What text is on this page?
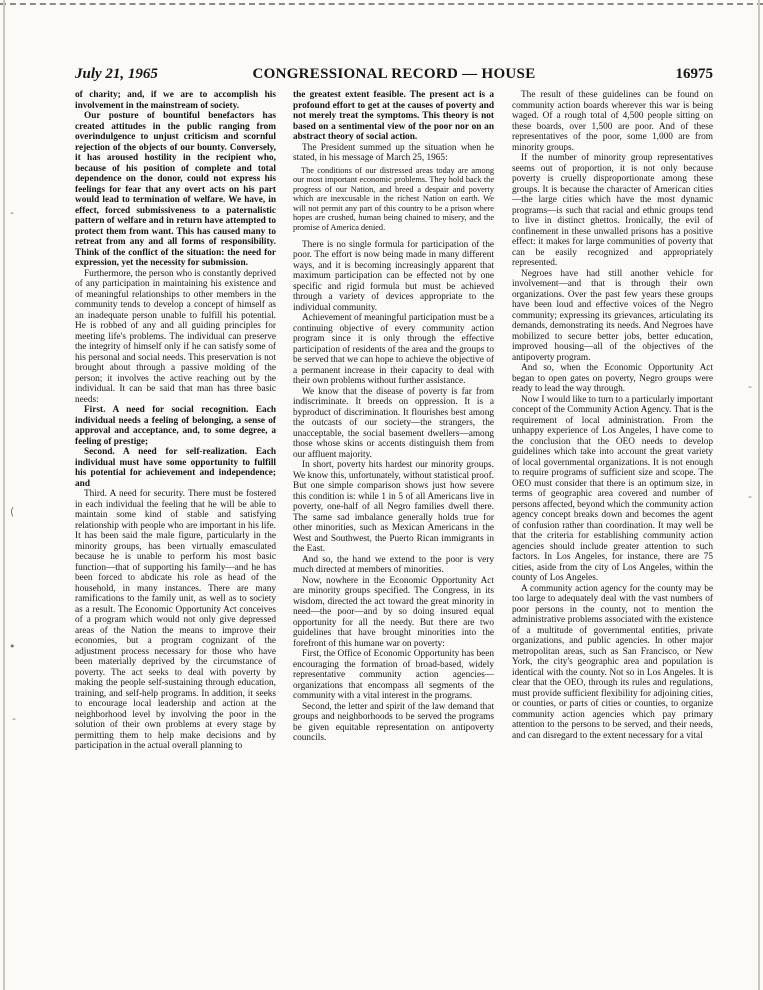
-
(
•
-
-
-
July 21, 1965	CONGRESSIONAL RECORD — HOUSE	16975

of charity; and, if we are to accomplish his involvement in the mainstream of society.

Our posture of bountiful benefactors has created attitudes in the public ranging from overindulgence to unjust criticism and scornful rejection of the objects of our bounty. Conversely, it has aroused hostility in the recipient who, because of his position of complete and total dependence on the donor, could not express his feelings for fear that any overt acts on his part would lead to termination of welfare. We have, in effect, forced submissiveness to a paternalistic pattern of welfare and in return have attempted to protect them from want. This has caused many to retreat from any and all forms of responsibility. Think of the conflict of the situation: the need for expression, yet the necessity for submission.

Furthermore, the person who is constantly deprived of any participation in maintaining his existence and of meaningful relationships to other members in the community tends to develop a concept of himself as an inadequate person unable to fulfill his potential. He is robbed of any and all guiding principles for meeting life's problems. The individual can preserve the integrity of himself only if he can satisfy some of his personal and social needs. This preservation is not brought about through a passive molding of the person; it involves the active reaching out by the individual. It can be said that man has three basic needs:

First. A need for social recognition. Each individual needs a feeling of belonging, a sense of approval and acceptance, and, to some degree, a feeling of prestige;

Second. A need for self-realization. Each individual must have some opportunity to fulfill his potential for achievement and independence; and

Third. A need for security. There must be fostered in each individual the feeling that he will be able to maintain some kind of stable and satisfying relationship with people who are important in his life. It has been said the male figure, particularly in the minority groups, has been virtually emasculated because he is unable to perform his most basic function—that of supporting his family—and he has been forced to abdicate his role as head of the household, in many instances. There are many ramifications to the family unit, as well as to society as a result. The Economic Opportunity Act conceives of a program which would not only give depressed areas of the Nation the means to improve their economies, but a program cognizant of the adjustment process necessary for those who have been materially deprived by the circumstance of poverty. The act seeks to deal with poverty by making the people self-sustaining through education, training, and self-help programs. In addition, it seeks to encourage local leadership and action at the neighborhood level by involving the poor in the solution of their own problems at every stage by permitting them to help make decisions and by participation in the actual overall planning to

the greatest extent feasible. The present act is a profound effort to get at the causes of poverty and not merely treat the symptoms. This theory is not based on a sentimental view of the poor nor on an abstract theory of social action.

The President summed up the situation when he stated, in his message of March 25, 1965:

The conditions of our distressed areas today are among our most important economic problems. They hold back the progress of our Nation, and breed a despair and poverty which are inexcusable in the richest Nation on earth. We will not permit any part of this country to be a prison where hopes are crushed, human being chained to misery, and the promise of America denied.

There is no single formula for participation of the poor. The effort is now being made in many different ways, and it is becoming increasingly apparent that maximum participation can be effected not by one specific and rigid formula but must be achieved through a variety of devices appropriate to the individual community.

Achievement of meaningful participation must be a continuing objective of every community action program since it is only through the effective participation of residents of the area and the groups to be served that we can hope to achieve the objective of a permanent increase in their capacity to deal with their own problems without further assistance.

We know that the disease of poverty is far from indiscriminate. It breeds on oppression. It is a byproduct of discrimination. It flourishes best among the outcasts of our society—the strangers, the unacceptable, the social basement dwellers—among those whose skins or accents distinguish them from our affluent majority.

In short, poverty hits hardest our minority groups. We know this, unfortunately, without statistical proof. But one simple comparison shows just how severe this condition is: while 1 in 5 of all Americans live in poverty, one-half of all Negro families dwell there. The same sad imbalance generally holds true for other minorities, such as Mexican Americans in the West and Southwest, the Puerto Rican immigrants in the East.

And so, the hand we extend to the poor is very much directed at members of minorities.

Now, nowhere in the Economic Opportunity Act are minority groups specified. The Congress, in its wisdom, directed the act toward the great minority in need—the poor—and by so doing insured equal opportunity for all the needy. But there are two guidelines that have brought minorities into the forefront of this humane war on poverty:

First, the Office of Economic Opportunity has been encouraging the formation of broad-based, widely representative community action agencies—organizations that encompass all segments of the community with a vital interest in the programs.

Second, the letter and spirit of the law demand that groups and neighborhoods to be served the programs be given equitable representation on antipoverty councils.

The result of these guidelines can be found on community action boards wherever this war is being waged. Of a rough total of 4,500 people sitting on these boards, over 1,500 are poor. And of these representatives of the poor, some 1,000 are from minority groups.

If the number of minority group representatives seems out of proportion, it is not only because poverty is cruelly disproportionate among these groups. It is because the character of American cities—the large cities which have the most dynamic programs—is such that racial and ethnic groups tend to live in distinct ghettos. Ironically, the evil of confinement in these unwalled prisons has a positive effect: it makes for large communities of poverty that can be easily recognized and appropriately represented.

Negroes have had still another vehicle for involvement—and that is through their own organizations. Over the past few years these groups have been loud and effective voices of the Negro community; expressing its grievances, articulating its demands, demonstrating its needs. And Negroes have mobilized to secure better jobs, better education, improved housing—all of the objectives of the antipoverty program.

And so, when the Economic Opportunity Act began to open gates on poverty, Negro groups were ready to lead the way through.

Now I would like to turn to a particularly important concept of the Community Action Agency. That is the requirement of local administration. From the unhappy experience of Los Angeles, I have come to the conclusion that the OEO needs to develop guidelines which take into account the great variety of local governmental organizations. It is not enough to require programs of sufficient size and scope. The OEO must consider that there is an optimum size, in terms of geographic area covered and number of persons affected, beyond which the community action agency concept breaks down and becomes the agent of confusion rather than coordination. It may well be that the criteria for establishing community action agencies should include greater attention to such factors. In Los Angeles, for instance, there are 75 cities, aside from the city of Los Angeles, within the county of Los Angeles.

A community action agency for the county may be too large to adequately deal with the vast numbers of poor persons in the county, not to mention the administrative problems associated with the existence of a multitude of governmental entities, private organizations, and public agencies. In other major metropolitan areas, such as San Francisco, or New York, the city's geographic area and population is identical with the county. Not so in Los Angeles. It is clear that the OEO, through its rules and regulations, must provide sufficient flexibility for adjoining cities, or counties, or parts of cities or counties, to organize community action agencies which pay primary attention to the persons to be served, and their needs, and can disregard to the extent necessary for a vital
